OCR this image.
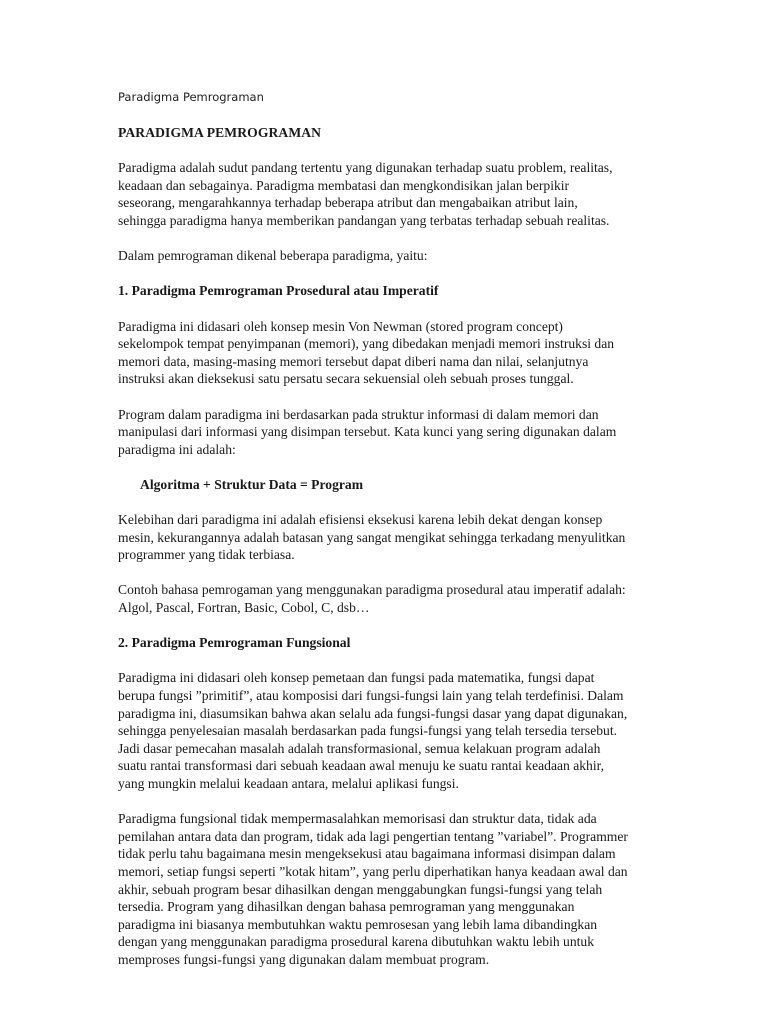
Paradigma Pemrograman
PARADIGMA PEMROGRAMAN

Paradigma adalah sudut pandang tertentu yang digunakan terhadap suatu problem, realitas,
keadaan dan sebagainya. Paradigma membatasi dan mengkondisikan jalan berpikir
seseorang, mengarahkannya terhadap beberapa atribut dan mengabaikan atribut lain,
sehingga paradigma hanya memberikan pandangan yang terbatas terhadap sebuah realitas.

Dalam pemrograman dikenal beberapa paradigma, yaitu:

1. Paradigma Pemrograman Prosedural atau Imperatif

Paradigma ini didasari oleh konsep mesin Von Newman (stored program concept)
sekelompok tempat penyimpanan (memori), yang dibedakan menjadi memori instruksi dan
memori data, masing-masing memori tersebut dapat diberi nama dan nilai, selanjutnya
instruksi akan dieksekusi satu persatu secara sekuensial oleh sebuah proses tunggal.

Program dalam paradigma ini berdasarkan pada struktur informasi di dalam memori dan
manipulasi dari informasi yang disimpan tersebut. Kata kunci yang sering digunakan dalam
paradigma ini adalah:

Algoritma + Struktur Data = Program

Kelebihan dari paradigma ini adalah efisiensi eksekusi karena lebih dekat dengan konsep
mesin, kekurangannya adalah batasan yang sangat mengikat sehingga terkadang menyulitkan
programmer yang tidak terbiasa.

Contoh bahasa pemrogaman yang menggunakan paradigma prosedural atau imperatif adalah:
Algol, Pascal, Fortran, Basic, Cobol, C, dsb…

2. Paradigma Pemrograman Fungsional

Paradigma ini didasari oleh konsep pemetaan dan fungsi pada matematika, fungsi dapat
berupa fungsi ”primitif”, atau komposisi dari fungsi-fungsi lain yang telah terdefinisi. Dalam
paradigma ini, diasumsikan bahwa akan selalu ada fungsi-fungsi dasar yang dapat digunakan,
sehingga penyelesaian masalah berdasarkan pada fungsi-fungsi yang telah tersedia tersebut.
Jadi dasar pemecahan masalah adalah transformasional, semua kelakuan program adalah
suatu rantai transformasi dari sebuah keadaan awal menuju ke suatu rantai keadaan akhir,
yang mungkin melalui keadaan antara, melalui aplikasi fungsi.

Paradigma fungsional tidak mempermasalahkan memorisasi dan struktur data, tidak ada
pemilahan antara data dan program, tidak ada lagi pengertian tentang ”variabel”. Programmer
tidak perlu tahu bagaimana mesin mengeksekusi atau bagaimana informasi disimpan dalam
memori, setiap fungsi seperti ”kotak hitam”, yang perlu diperhatikan hanya keadaan awal dan
akhir, sebuah program besar dihasilkan dengan menggabungkan fungsi-fungsi yang telah
tersedia. Program yang dihasilkan dengan bahasa pemrograman yang menggunakan
paradigma ini biasanya membutuhkan waktu pemrosesan yang lebih lama dibandingkan
dengan yang menggunakan paradigma prosedural karena dibutuhkan waktu lebih untuk
memproses fungsi-fungsi yang digunakan dalam membuat program.
